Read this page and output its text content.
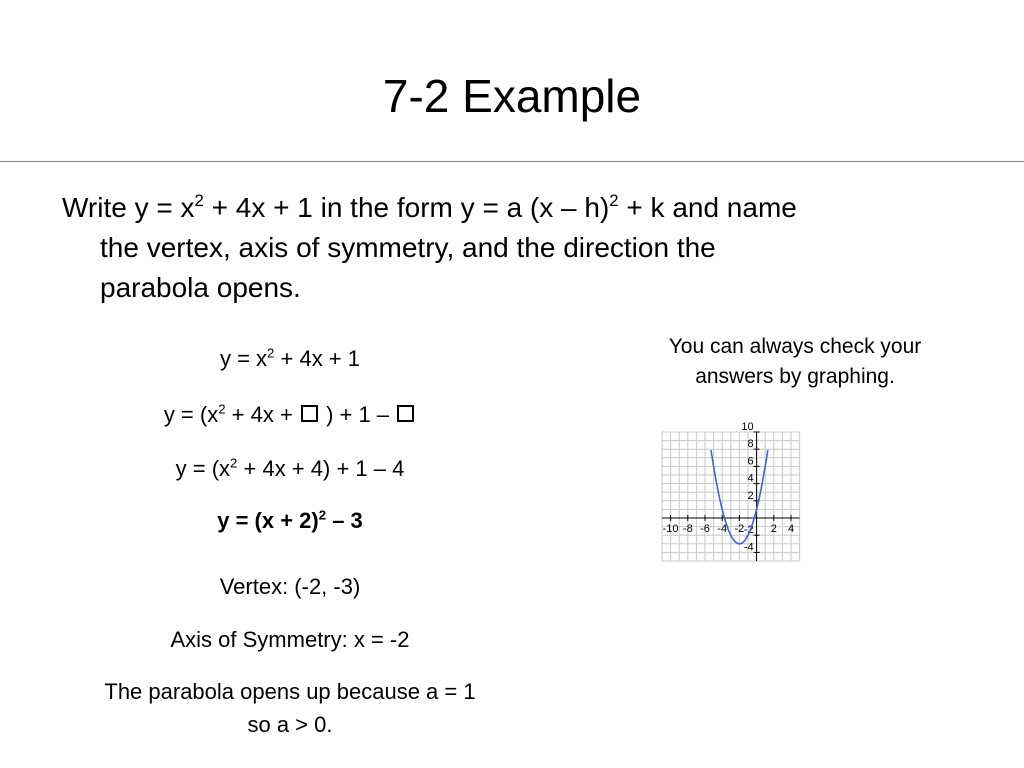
7-2 Example
Write $y = x^2 + 4x + 1$ in the form y = a (x – h)$^2$ + k and name
the vertex, axis of symmetry, and the direction the
parabola opens.
$y = x^2 + 4x + 1$
$y = (x^2 + 4x$ +  ) + 1 –
$y = (x^2 + 4x + 4) + 1 - 4$
$y = (x + 2)^2 - 3$
Vertex: (-2, -3)
Axis of Symmetry: x = -2
The parabola opens up because a = 1
so a > 0.
You can always check your
answers by graphing.
-10 -8 -6 -4 -2 2 4
10
8
6
4
2
-2
-4
